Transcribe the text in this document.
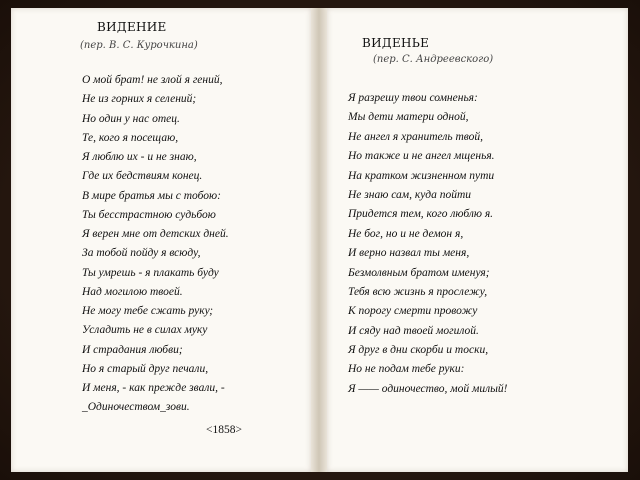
ВИДЕНИЕ
(пер. В. С. Курочкина)
О мой брат! не злой я гений,
Не из горних я селений;
Но один у нас отец.
Те, кого я посещаю,
Я люблю их - и не знаю,
Где их бедствиям конец.
В мире братья мы с тобою:
Ты бесстрастною судьбою
Я верен мне от детских дней.
За тобой пойду я всюду,
Ты умрешь - я плакать буду
Над могилою твоей.
Не могу тебе сжать руку;
Усладить не в силах муку
И страдания любви;
Но я старый друг печали,
И меня, - как прежде звали, -
_Одиночеством_зови.
<1858>
ВИДЕНЬЕ
(пер. С. Андреевского)
Я разрешу твои сомненья:
Мы дети матери одной,
Не ангел я хранитель твой,
Но также и не ангел мщенья.
На кратком жизненном пути
Не знаю сам, куда пойти
Придется тем, кого люблю я.
Не бог, но и не демон я,
И верно назвал ты меня,
Безмолвным братом именуя;
Тебя всю жизнь я прослежу,
К порогу смерти провожу
И сяду над твоей могилой.
Я друг в дни скорби и тоски,
Но не подам тебе руки:
Я —— одиночество, мой милый!
